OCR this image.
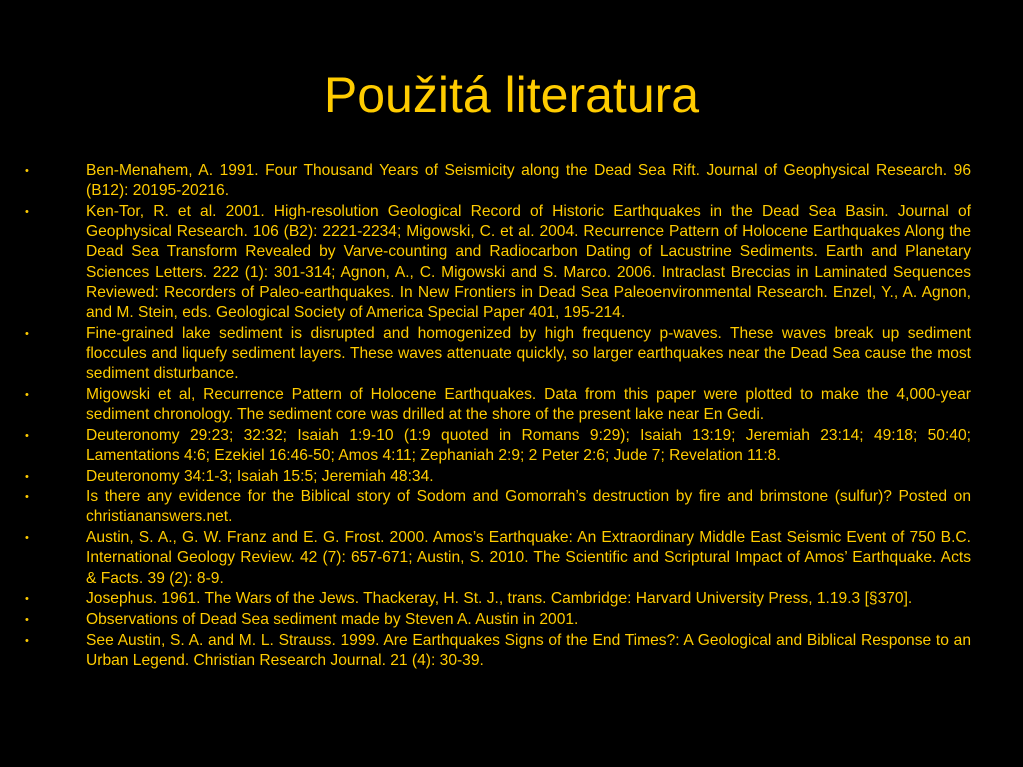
Použitá literatura
•	Ben-Menahem, A. 1991. Four Thousand Years of Seismicity along the Dead Sea Rift. Journal of Geophysical Research. 96 (B12): 20195-20216.
•	Ken-Tor, R. et al. 2001. High-resolution Geological Record of Historic Earthquakes in the Dead Sea Basin. Journal of Geophysical Research. 106 (B2): 2221-2234; Migowski, C. et al. 2004. Recurrence Pattern of Holocene Earthquakes Along the Dead Sea Transform Revealed by Varve-counting and Radiocarbon Dating of Lacustrine Sediments. Earth and Planetary Sciences Letters. 222 (1): 301-314; Agnon, A., C. Migowski and S. Marco. 2006. Intraclast Breccias in Laminated Sequences Reviewed: Recorders of Paleo-earthquakes. In New Frontiers in Dead Sea Paleoenvironmental Research. Enzel, Y., A. Agnon, and M. Stein, eds. Geological Society of America Special Paper 401, 195-214.
•	Fine-grained lake sediment is disrupted and homogenized by high frequency p-waves. These waves break up sediment floccules and liquefy sediment layers. These waves attenuate quickly, so larger earthquakes near the Dead Sea cause the most sediment disturbance.
•	Migowski et al, Recurrence Pattern of Holocene Earthquakes. Data from this paper were plotted to make the 4,000-year sediment chronology. The sediment core was drilled at the shore of the present lake near En Gedi.
•	Deuteronomy 29:23; 32:32; Isaiah 1:9-10 (1:9 quoted in Romans 9:29); Isaiah 13:19; Jeremiah 23:14; 49:18; 50:40; Lamentations 4:6; Ezekiel 16:46-50; Amos 4:11; Zephaniah 2:9; 2 Peter 2:6; Jude 7; Revelation 11:8.
•	Deuteronomy 34:1-3; Isaiah 15:5; Jeremiah 48:34.
•	Is there any evidence for the Biblical story of Sodom and Gomorrah’s destruction by fire and brimstone (sulfur)? Posted on christiananswers.net.
•	Austin, S. A., G. W. Franz and E. G. Frost. 2000. Amos’s Earthquake: An Extraordinary Middle East Seismic Event of 750 B.C. International Geology Review. 42 (7): 657-671; Austin, S. 2010. The Scientific and Scriptural Impact of Amos’ Earthquake. Acts & Facts. 39 (2): 8-9.
•	Josephus. 1961. The Wars of the Jews. Thackeray, H. St. J., trans. Cambridge: Harvard University Press, 1.19.3 [§370].
•	Observations of Dead Sea sediment made by Steven A. Austin in 2001.
•	See Austin, S. A. and M. L. Strauss. 1999. Are Earthquakes Signs of the End Times?: A Geological and Biblical Response to an Urban Legend. Christian Research Journal. 21 (4): 30-39.
